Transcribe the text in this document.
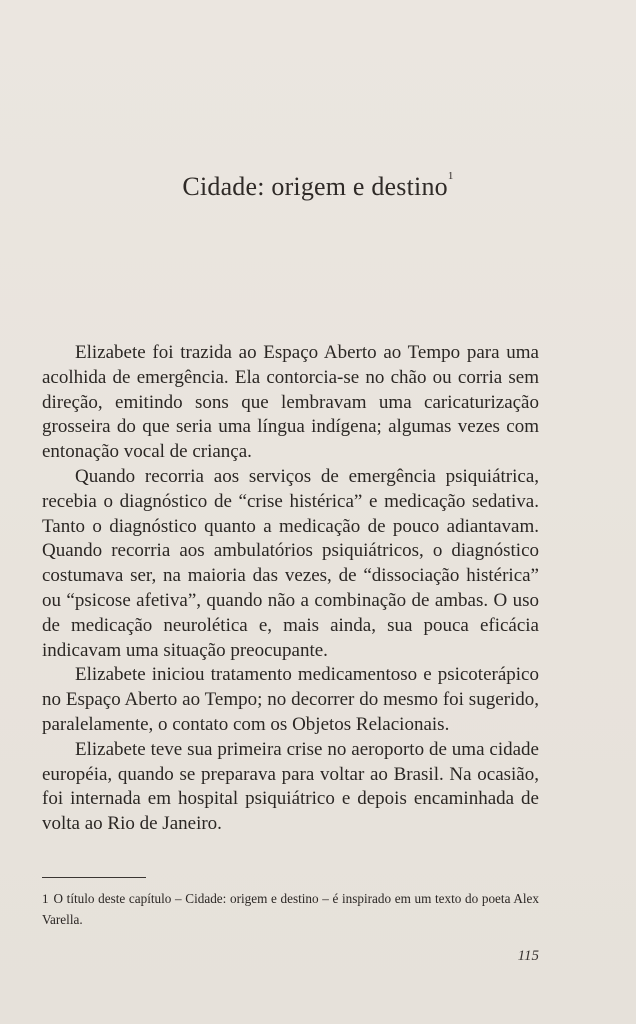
Cidade: origem e destino$^1$

Elizabete foi trazida ao Espaço Aberto ao Tempo para uma acolhida de emergência. Ela contorcia-se no chão ou corria sem direção, emitindo sons que lembravam uma caricaturização grosseira do que seria uma língua indígena; algumas vezes com entonação vocal de criança.

Quando recorria aos serviços de emergência psiquiátrica, recebia o diagnóstico de “crise histérica” e medicação sedativa. Tanto o diagnóstico quanto a medicação de pouco adiantavam. Quando recorria aos ambulatórios psiquiátricos, o diagnóstico costumava ser, na maioria das vezes, de “dissociação histérica” ou “psicose afetiva”, quando não a combinação de ambas. O uso de medicação neurolética e, mais ainda, sua pouca eficácia indicavam uma situação preocupante.

Elizabete iniciou tratamento medicamentoso e psicoterápico no Espaço Aberto ao Tempo; no decorrer do mesmo foi sugerido, paralelamente, o contato com os Objetos Relacionais.

Elizabete teve sua primeira crise no aeroporto de uma cidade européia, quando se preparava para voltar ao Brasil. Na ocasião, foi internada em hospital psiquiátrico e depois encaminhada de volta ao Rio de Janeiro.

1 O título deste capítulo – Cidade: origem e destino – é inspirado em um texto do poeta Alex Varella.
115
